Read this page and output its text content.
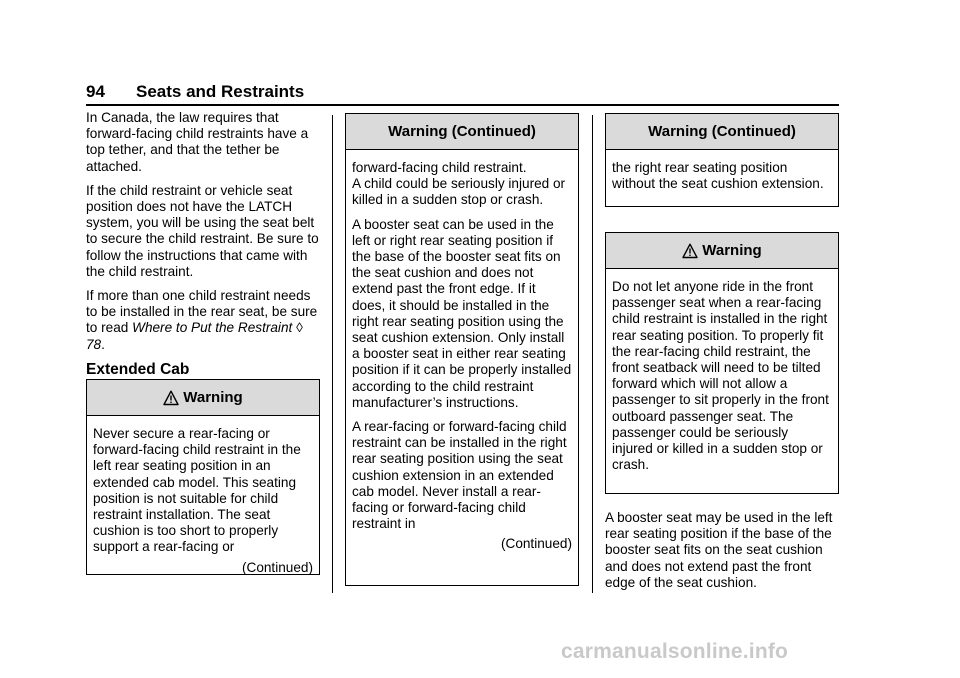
94 Seats and Restraints

In Canada, the law requires that forward-facing child restraints have a top tether, and that the tether be attached.

If the child restraint or vehicle seat position does not have the LATCH system, you will be using the seat belt to secure the child restraint. Be sure to follow the instructions that came with the child restraint.

If more than one child restraint needs to be installed in the rear seat, be sure to read Where to Put the Restraint ◊ 78.

Extended Cab
Warning

Never secure a rear-facing or forward-facing child restraint in the left rear seating position in an extended cab model. This seating position is not suitable for child restraint installation. The seat cushion is too short to properly support a rear-facing or

(Continued)
Warning (Continued)

forward-facing child restraint.

A child could be seriously injured or killed in a sudden stop or crash.

A booster seat can be used in the left or right rear seating position if the base of the booster seat fits on the seat cushion and does not extend past the front edge. If it does, it should be installed in the right rear seating position using the seat cushion extension. Only install a booster seat in either rear seating position if it can be properly installed according to the child restraint manufacturer’s instructions.

A rear-facing or forward-facing child restraint can be installed in the right rear seating position using the seat cushion extension in an extended cab model. Never install a rear-facing or forward-facing child restraint in

(Continued)
Warning (Continued)

the right rear seating position without the seat cushion extension.

Warning

Do not let anyone ride in the front passenger seat when a rear-facing child restraint is installed in the right rear seating position. To properly fit the rear-facing child restraint, the front seatback will need to be tilted forward which will not allow a passenger to sit properly in the front outboard passenger seat. The passenger could be seriously injured or killed in a sudden stop or crash.

A booster seat may be used in the left rear seating position if the base of the booster seat fits on the seat cushion and does not extend past the front edge of the seat cushion.

carmanualsonline.info
